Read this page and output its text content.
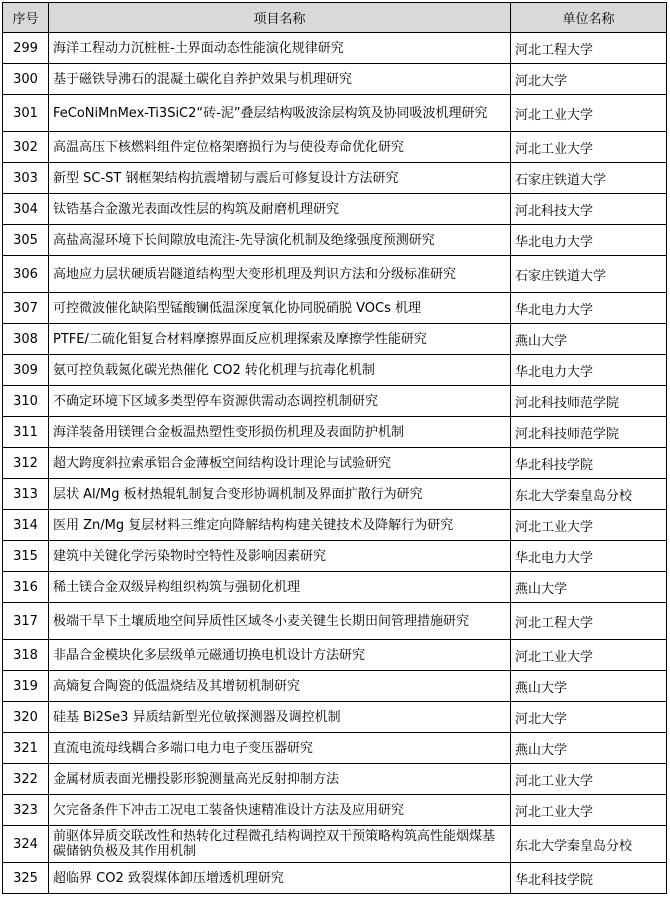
序号	项目名称	单位名称
299	海洋工程动力沉桩桩-土界面动态性能演化规律研究	河北工程大学
300	基于磁铁导沸石的混凝土碳化自养护效果与机理研究	河北大学
301	FeCoNiMnMex-Ti3SiC2“砖-泥”叠层结构吸波涂层构筑及协同吸波机理研究	河北工业大学
302	高温高压下核燃料组件定位格架磨损行为与使役寿命优化研究	河北工业大学
303	新型 SC-ST 钢框架结构抗震增韧与震后可修复设计方法研究	石家庄铁道大学
304	钛锆基合金激光表面改性层的构筑及耐磨机理研究	河北科技大学
305	高盐高湿环境下长间隙放电流注-先导演化机制及绝缘强度预测研究	华北电力大学
306	高地应力层状硬质岩隧道结构型大变形机理及判识方法和分级标准研究	石家庄铁道大学
307	可控微波催化缺陷型锰酸镧低温深度氧化协同脱硝脱 VOCs 机理	华北电力大学
308	PTFE/二硫化钼复合材料摩擦界面反应机理探索及摩擦学性能研究	燕山大学
309	氨可控负载氮化碳光热催化 CO2 转化机理与抗毒化机制	华北电力大学
310	不确定环境下区域多类型停车资源供需动态调控机制研究	河北科技师范学院
311	海洋装备用镁锂合金板温热塑性变形损伤机理及表面防护机制	河北科技师范学院
312	超大跨度斜拉索承铝合金薄板空间结构设计理论与试验研究	华北科技学院
313	层状 Al/Mg 板材热辊轧制复合变形协调机制及界面扩散行为研究	东北大学秦皇岛分校
314	医用 Zn/Mg 复层材料三维定向降解结构构建关键技术及降解行为研究	河北工业大学
315	建筑中关键化学污染物时空特性及影响因素研究	华北电力大学
316	稀土镁合金双级异构组织构筑与强韧化机理	燕山大学
317	极端干旱下土壤质地空间异质性区域冬小麦关键生长期田间管理措施研究	河北工程大学
318	非晶合金模块化多层级单元磁通切换电机设计方法研究	河北工业大学
319	高熵复合陶瓷的低温烧结及其增韧机制研究	燕山大学
320	硅基 Bi2Se3 异质结新型光位敏探测器及调控机制	河北大学
321	直流电流母线耦合多端口电力电子变压器研究	燕山大学
322	金属材质表面光栅投影形貌测量高光反射抑制方法	河北工业大学
323	欠完备条件下冲击工况电工装备快速精准设计方法及应用研究	河北工业大学
324	前驱体异质交联改性和热转化过程微孔结构调控双干预策略构筑高性能烟煤基碳储钠负极及其作用机制	东北大学秦皇岛分校
325	超临界 CO2 致裂煤体卸压增透机理研究	华北科技学院
